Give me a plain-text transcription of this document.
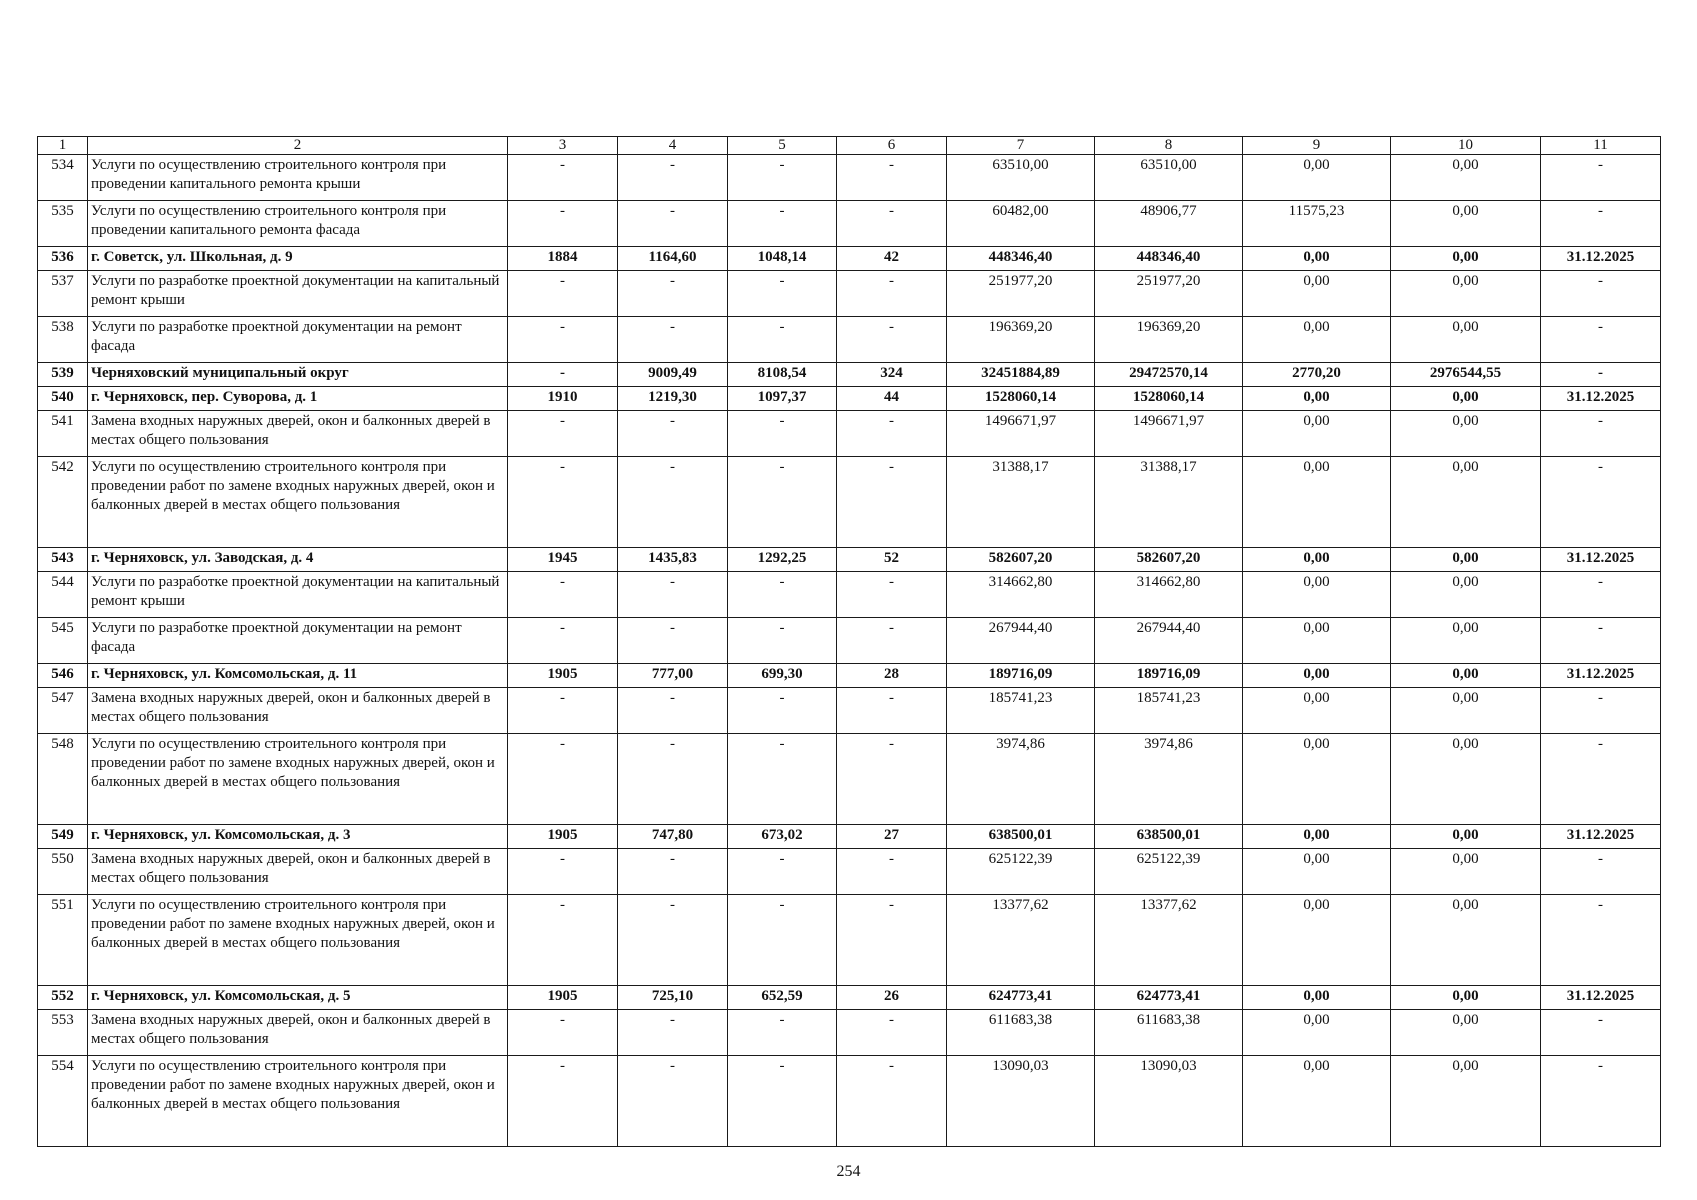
1	2	3	4	5	6	7	8	9	10	11
534	Услуги по осуществлению строительного контроля при проведении капитального ремонта крыши	-	-	-	-	63510,00	63510,00	0,00	0,00	-
535	Услуги по осуществлению строительного контроля при проведении капитального ремонта фасада	-	-	-	-	60482,00	48906,77	11575,23	0,00	-
536	г. Советск, ул. Школьная, д. 9	1884	1164,60	1048,14	42	448346,40	448346,40	0,00	0,00	31.12.2025
537	Услуги по разработке проектной документации на капитальный ремонт крыши	-	-	-	-	251977,20	251977,20	0,00	0,00	-
538	Услуги по разработке проектной документации на ремонт фасада	-	-	-	-	196369,20	196369,20	0,00	0,00	-
539	Черняховский муниципальный округ	-	9009,49	8108,54	324	32451884,89	29472570,14	2770,20	2976544,55	-
540	г. Черняховск, пер. Суворова, д. 1	1910	1219,30	1097,37	44	1528060,14	1528060,14	0,00	0,00	31.12.2025
541	Замена входных наружных дверей, окон и балконных дверей в местах общего пользования	-	-	-	-	1496671,97	1496671,97	0,00	0,00	-
542	Услуги по осуществлению строительного контроля при проведении работ по замене входных наружных дверей, окон и балконных дверей в местах общего пользования	-	-	-	-	31388,17	31388,17	0,00	0,00	-
543	г. Черняховск, ул. Заводская, д. 4	1945	1435,83	1292,25	52	582607,20	582607,20	0,00	0,00	31.12.2025
544	Услуги по разработке проектной документации на капитальный ремонт крыши	-	-	-	-	314662,80	314662,80	0,00	0,00	-
545	Услуги по разработке проектной документации на ремонт фасада	-	-	-	-	267944,40	267944,40	0,00	0,00	-
546	г. Черняховск, ул. Комсомольская, д. 11	1905	777,00	699,30	28	189716,09	189716,09	0,00	0,00	31.12.2025
547	Замена входных наружных дверей, окон и балконных дверей в местах общего пользования	-	-	-	-	185741,23	185741,23	0,00	0,00	-
548	Услуги по осуществлению строительного контроля при проведении работ по замене входных наружных дверей, окон и балконных дверей в местах общего пользования	-	-	-	-	3974,86	3974,86	0,00	0,00	-
549	г. Черняховск, ул. Комсомольская, д. 3	1905	747,80	673,02	27	638500,01	638500,01	0,00	0,00	31.12.2025
550	Замена входных наружных дверей, окон и балконных дверей в местах общего пользования	-	-	-	-	625122,39	625122,39	0,00	0,00	-
551	Услуги по осуществлению строительного контроля при проведении работ по замене входных наружных дверей, окон и балконных дверей в местах общего пользования	-	-	-	-	13377,62	13377,62	0,00	0,00	-
552	г. Черняховск, ул. Комсомольская, д. 5	1905	725,10	652,59	26	624773,41	624773,41	0,00	0,00	31.12.2025
553	Замена входных наружных дверей, окон и балконных дверей в местах общего пользования	-	-	-	-	611683,38	611683,38	0,00	0,00	-
554	Услуги по осуществлению строительного контроля при проведении работ по замене входных наружных дверей, окон и балконных дверей в местах общего пользования	-	-	-	-	13090,03	13090,03	0,00	0,00	-
254
